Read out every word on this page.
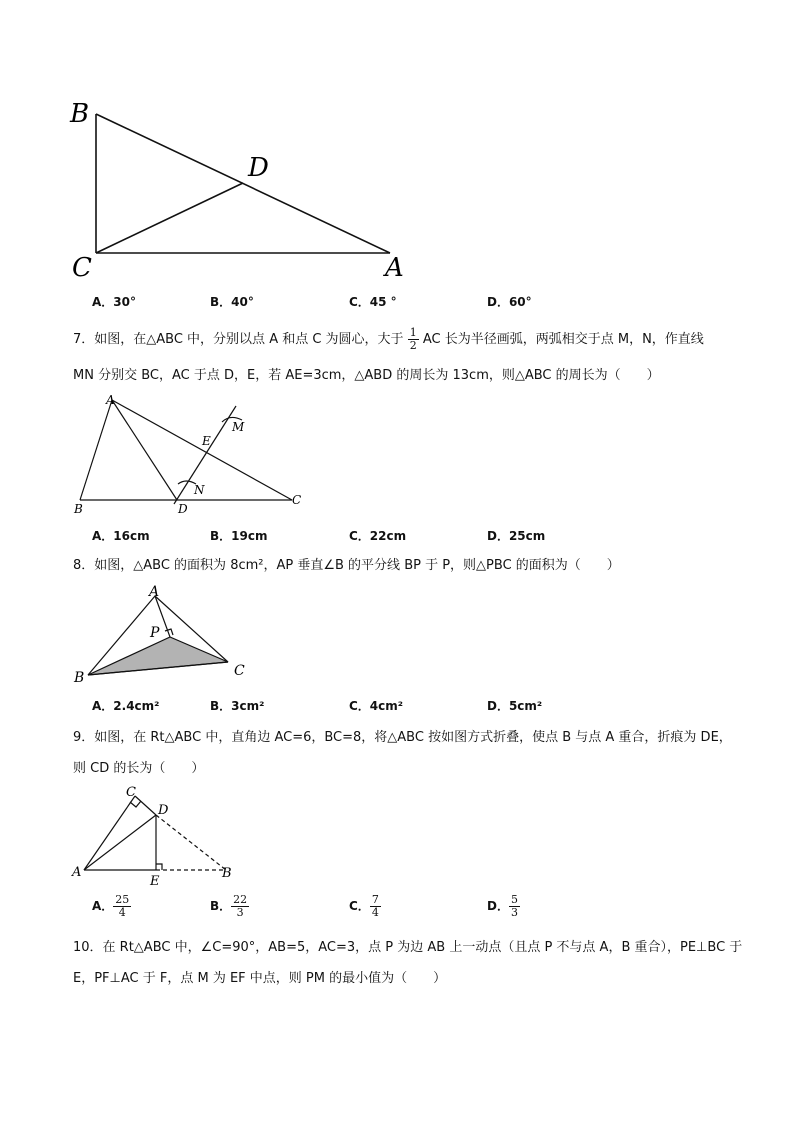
B
D
C	A
A．30°	B．40°	C．45 °	D．60°
7．如图，在△ABC 中，分别以点 A 和点 C 为圆心，大于 $\frac{1}{2}$ AC 长为半径画弧，两弧相交于点 M，N，作直线
MN 分别交 BC，AC 于点 D，E，若 AE=3cm，△ABD 的周长为 13cm，则△ABC 的周长为（　　）
A
B
C
D
E
M
N
A．16cm	B．19cm	C．22cm	D．25cm
8．如图，△ABC 的面积为 8cm²，AP 垂直∠B 的平分线 BP 于 P，则△PBC 的面积为（　　）
A
P
B	C
A．2.4cm²	B．3cm²	C．4cm²	D．5cm²
9．如图，在 Rt△ABC 中，直角边 AC=6，BC=8，将△ABC 按如图方式折叠，使点 B 与点 A 重合，折痕为 DE，
则 CD 的长为（　　）
C
D
A
E
B
A． $\frac{25}{4}$	B． $\frac{22}{3}$	C． $\frac{7}{4}$	D． $\frac{5}{3}$
10．在 Rt△ABC 中，∠C=90°，AB=5，AC=3，点 P 为边 AB 上一动点（且点 P 不与点 A，B 重合），PE⊥BC 于
E，PF⊥AC 于 F，点 M 为 EF 中点，则 PM 的最小值为（　　）
